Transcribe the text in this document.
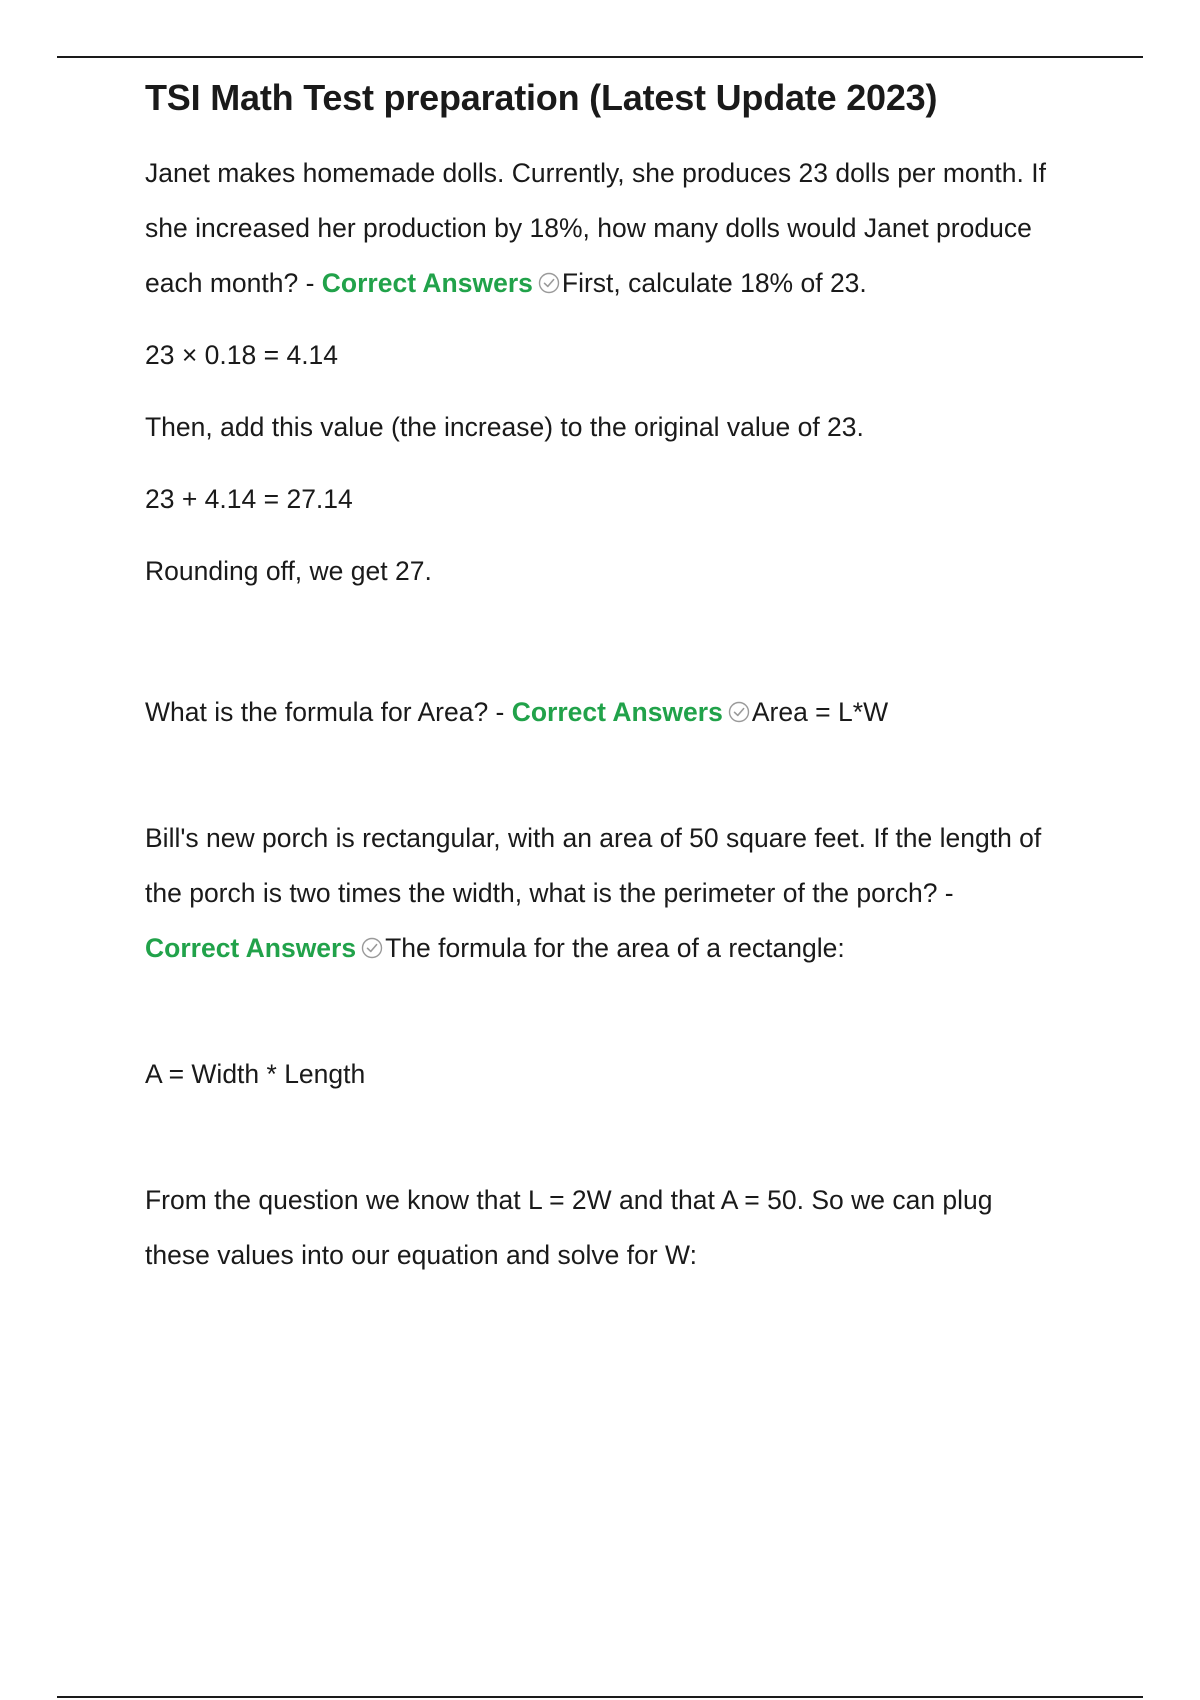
TSI Math Test preparation (Latest Update 2023)

Janet makes homemade dolls. Currently, she produces 23 dolls per month. If

she increased her production by 18%, how many dolls would Janet produce

each month? - Correct Answers First, calculate 18% of 23.

23 × 0.18 = 4.14

Then, add this value (the increase) to the original value of 23.

23 + 4.14 = 27.14

Rounding off, we get 27.

What is the formula for Area? - Correct Answers Area = L*W

Bill's new porch is rectangular, with an area of 50 square feet. If the length of

the porch is two times the width, what is the perimeter of the porch? -

Correct Answers The formula for the area of a rectangle:

A = Width * Length

From the question we know that L = 2W and that A = 50. So we can plug

these values into our equation and solve for W:
